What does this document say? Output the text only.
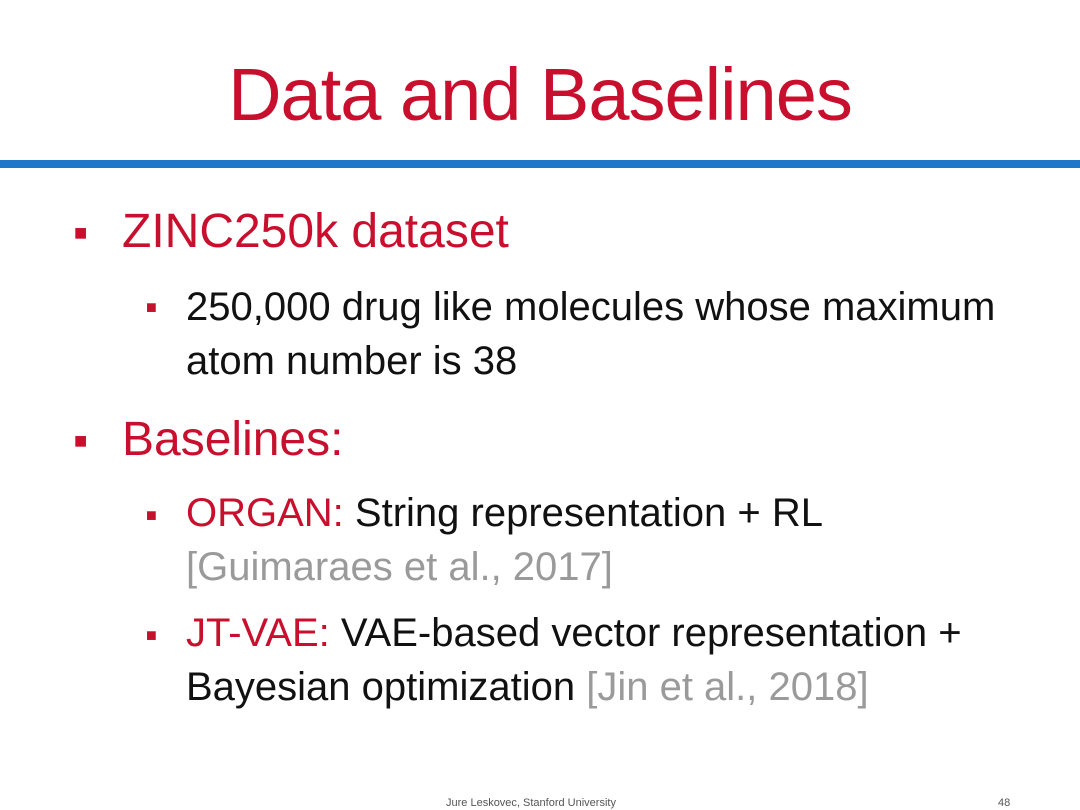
Data and Baselines
■ ZINC250k dataset
■ 250,000 drug like molecules whose maximum atom number is 38
■ Baselines:
■ ORGAN: String representation + RL
[Guimaraes et al., 2017]
■ JT-VAE: VAE-based vector representation + Bayesian optimization [Jin et al., 2018]
Jure Leskovec, Stanford University	48
